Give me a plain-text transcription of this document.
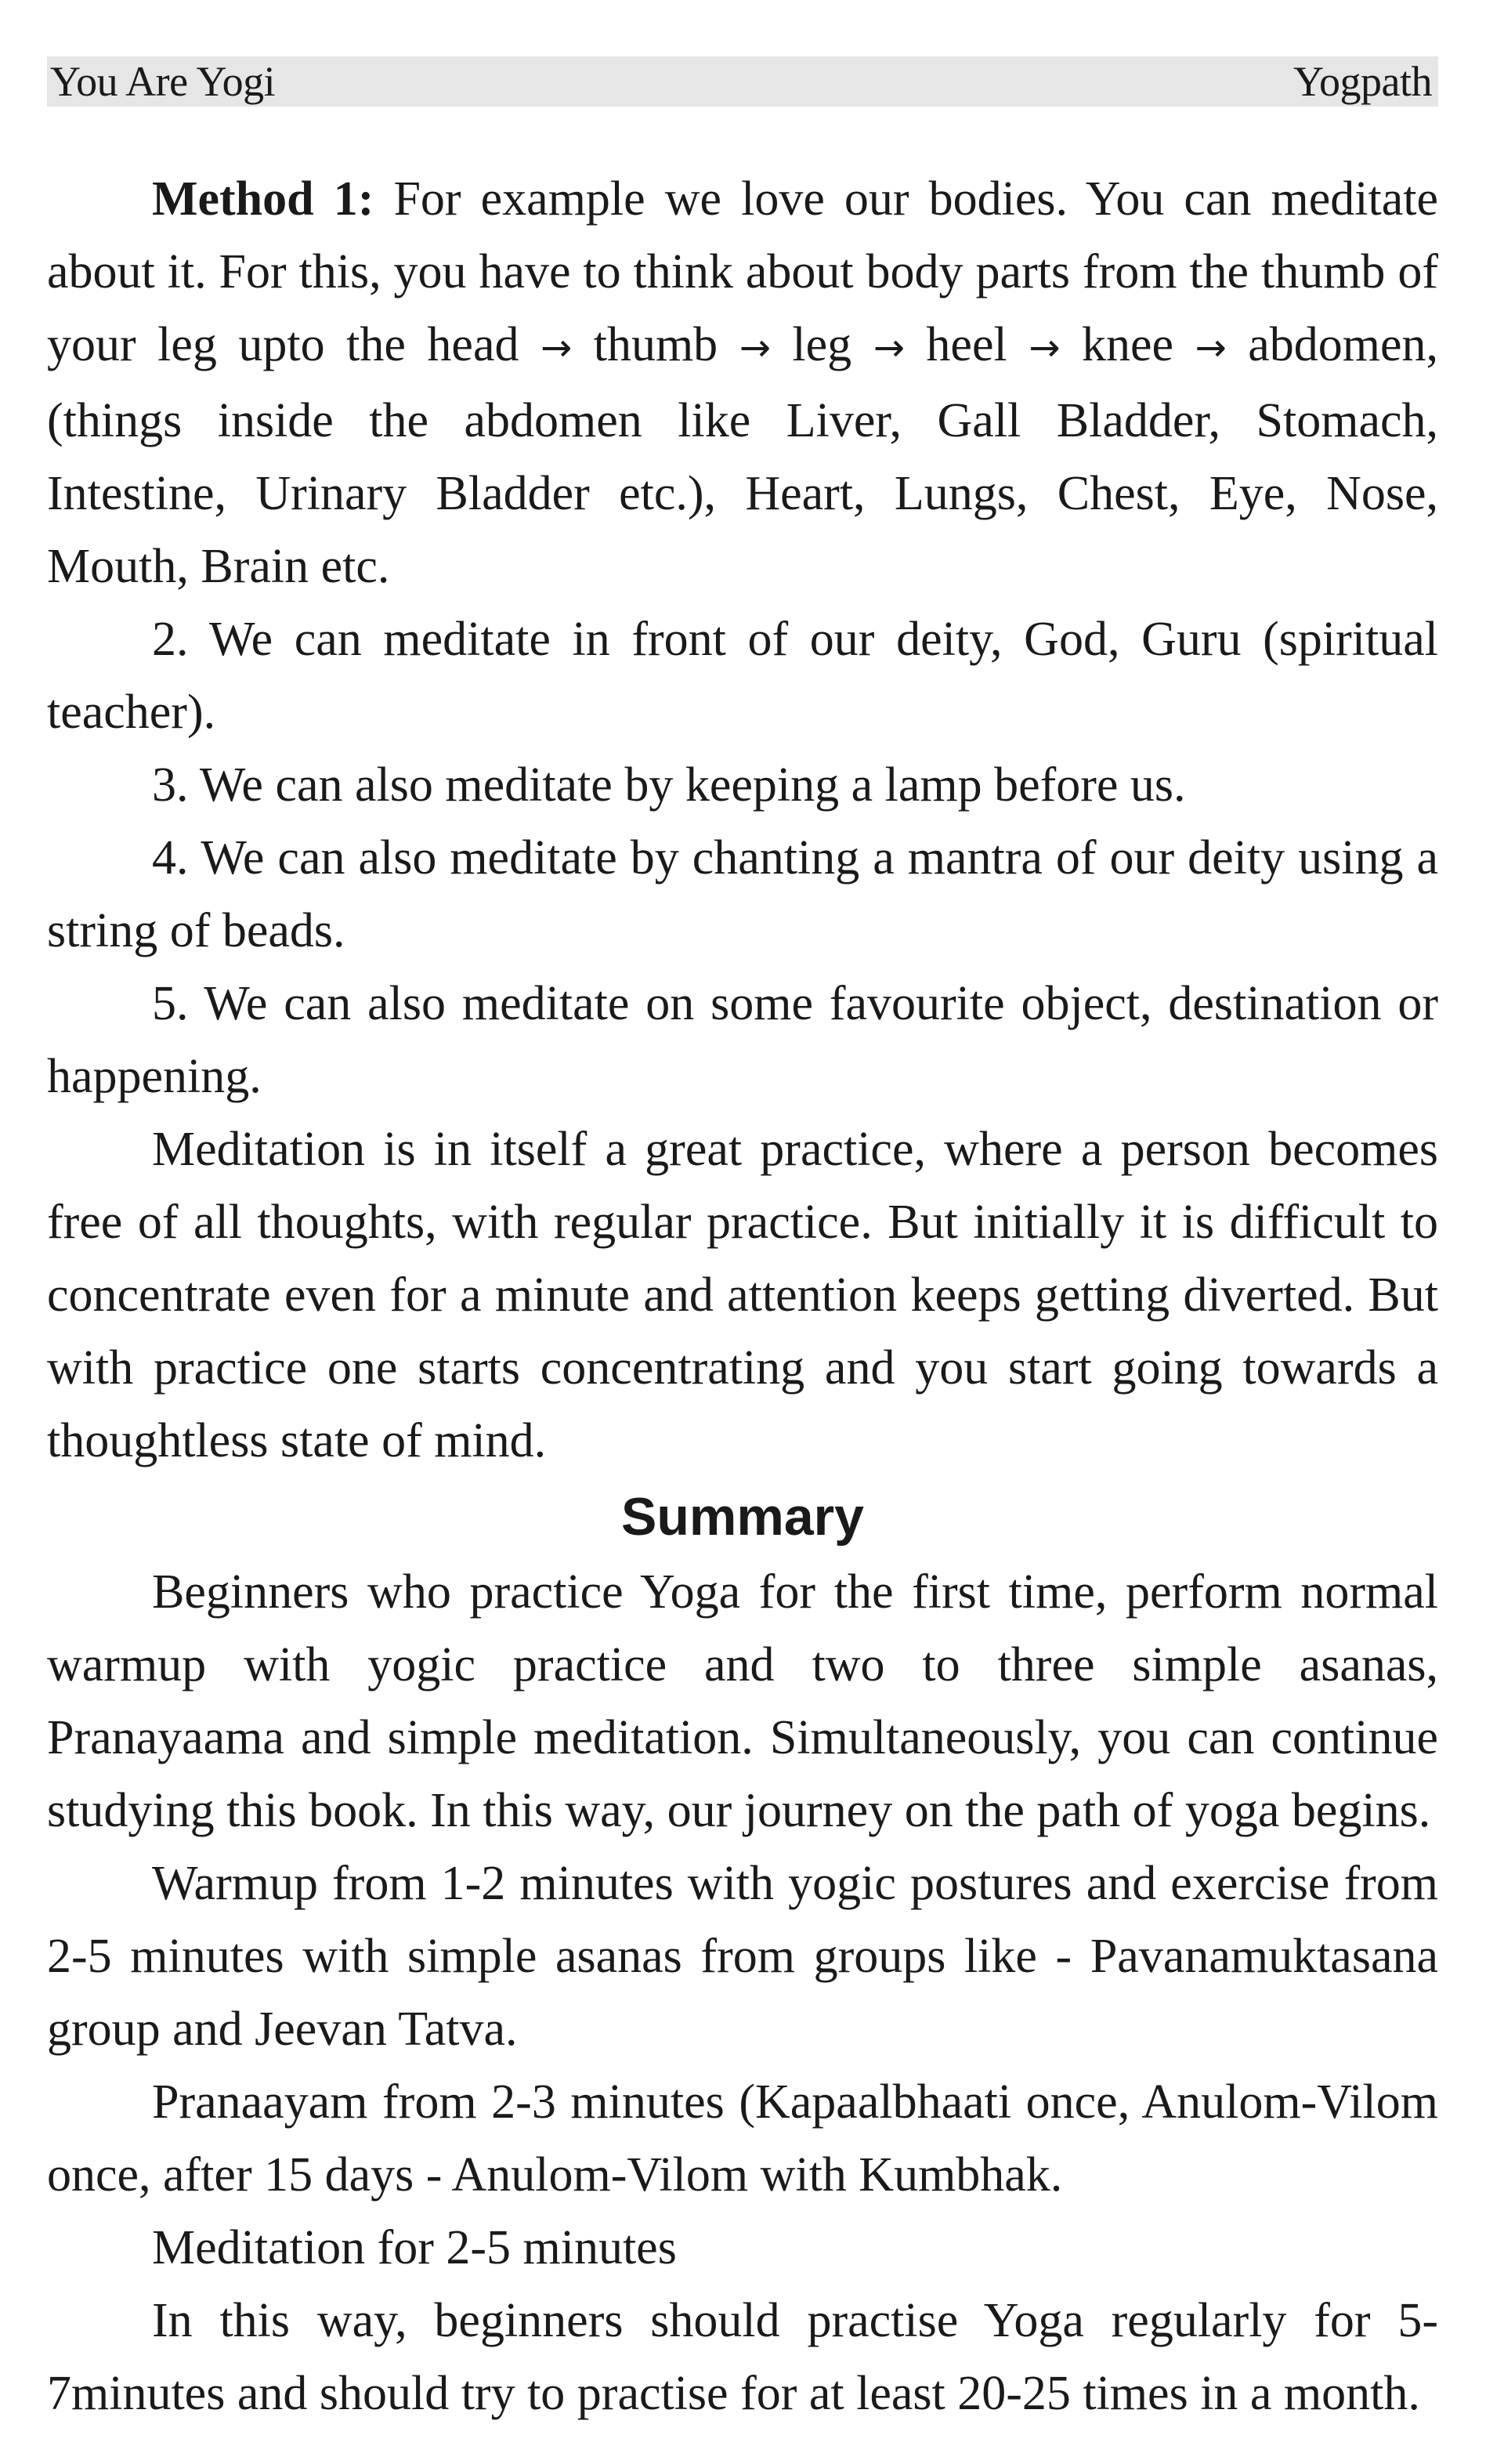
You Are Yogi	Yogpath

Method 1: For example we love our bodies. You can meditate about it. For this, you have to think about body parts from the thumb of your leg upto the head → thumb → leg → heel → knee → abdomen, (things inside the abdomen like Liver, Gall Bladder, Stomach, Intestine, Urinary Bladder etc.), Heart, Lungs, Chest, Eye, Nose, Mouth, Brain etc.

2. We can meditate in front of our deity, God, Guru (spiritual teacher).

3. We can also meditate by keeping a lamp before us.

4. We can also meditate by chanting a mantra of our deity using a string of beads.

5. We can also meditate on some favourite object, destination or happening.

Meditation is in itself a great practice, where a person becomes free of all thoughts, with regular practice. But initially it is difficult to concentrate even for a minute and attention keeps getting diverted. But with practice one starts concentrating and you start going towards a thoughtless state of mind.

Summary

Beginners who practice Yoga for the first time, perform normal warmup with yogic practice and two to three simple asanas, Pranayaama and simple meditation. Simultaneously, you can continue studying this book. In this way, our journey on the path of yoga begins.

Warmup from 1-2 minutes with yogic postures and exercise from 2-5 minutes with simple asanas from groups like - Pavanamuktasana group and Jeevan Tatva.

Pranaayam from 2-3 minutes (Kapaalbhaati once, Anulom-Vilom once, after 15 days - Anulom-Vilom with Kumbhak.

Meditation for 2-5 minutes

In this way, beginners should practise Yoga regularly for 5-7minutes and should try to practise for at least 20-25 times in a month.
